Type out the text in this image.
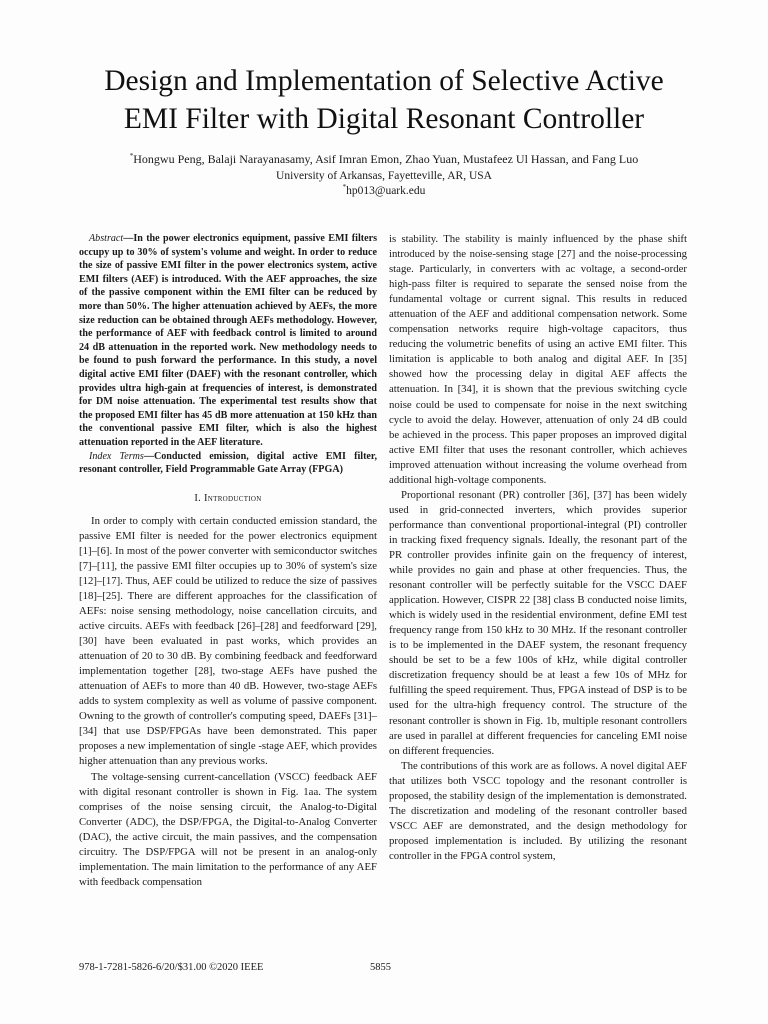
Design and Implementation of Selective Active
EMI Filter with Digital Resonant Controller
*Hongwu Peng, Balaji Narayanasamy, Asif Imran Emon, Zhao Yuan, Mustafeez Ul Hassan, and Fang Luo
University of Arkansas, Fayetteville, AR, USA
*hp013@uark.edu

Abstract—In the power electronics equipment, passive EMI filters occupy up to 30% of system's volume and weight. In order to reduce the size of passive EMI filter in the power electronics system, active EMI filters (AEF) is introduced. With the AEF approaches, the size of the passive component within the EMI filter can be reduced by more than 50%. The higher attenuation achieved by AEFs, the more size reduction can be obtained through AEFs methodology. However, the performance of AEF with feedback control is limited to around 24 dB attenuation in the reported work. New methodology needs to be found to push forward the performance. In this study, a novel digital active EMI filter (DAEF) with the resonant controller, which provides ultra high-gain at frequencies of interest, is demonstrated for DM noise attenuation. The experimental test results show that the proposed EMI filter has 45 dB more attenuation at 150 kHz than the conventional passive EMI filter, which is also the highest attenuation reported in the AEF literature.

Index Terms—Conducted emission, digital active EMI filter, resonant controller, Field Programmable Gate Array (FPGA)

I. Introduction

In order to comply with certain conducted emission standard, the passive EMI filter is needed for the power electronics equipment [1]–[6]. In most of the power converter with semiconductor switches [7]–[11], the passive EMI filter occupies up to 30% of system's size [12]–[17]. Thus, AEF could be utilized to reduce the size of passives [18]–[25]. There are different approaches for the classification of AEFs: noise sensing methodology, noise cancellation circuits, and active circuits. AEFs with feedback [26]–[28] and feedforward [29], [30] have been evaluated in past works, which provides an attenuation of 20 to 30 dB. By combining feedback and feedforward implementation together [28], two-stage AEFs have pushed the attenuation of AEFs to more than 40 dB. However, two-stage AEFs adds to system complexity as well as volume of passive component. Owning to the growth of controller's computing speed, DAEFs [31]–[34] that use DSP/FPGAs have been demonstrated. This paper proposes a new implementation of single -stage AEF, which provides higher attenuation than any previous works.

The voltage-sensing current-cancellation (VSCC) feedback AEF with digital resonant controller is shown in Fig. 1aa. The system comprises of the noise sensing circuit, the Analog-to-Digital Converter (ADC), the DSP/FPGA, the Digital-to-Analog Converter (DAC), the active circuit, the main passives, and the compensation circuitry. The DSP/FPGA will not be present in an analog-only implementation. The main limitation to the performance of any AEF with feedback compensation

is stability. The stability is mainly influenced by the phase shift introduced by the noise-sensing stage [27] and the noise-processing stage. Particularly, in converters with ac voltage, a second-order high-pass filter is required to separate the sensed noise from the fundamental voltage or current signal. This results in reduced attenuation of the AEF and additional compensation network. Some compensation networks require high-voltage capacitors, thus reducing the volumetric benefits of using an active EMI filter. This limitation is applicable to both analog and digital AEF. In [35] showed how the processing delay in digital AEF affects the attenuation. In [34], it is shown that the previous switching cycle noise could be used to compensate for noise in the next switching cycle to avoid the delay. However, attenuation of only 24 dB could be achieved in the process. This paper proposes an improved digital active EMI filter that uses the resonant controller, which achieves improved attenuation without increasing the volume overhead from additional high-voltage components.

Proportional resonant (PR) controller [36], [37] has been widely used in grid-connected inverters, which provides superior performance than conventional proportional-integral (PI) controller in tracking fixed frequency signals. Ideally, the resonant part of the PR controller provides infinite gain on the frequency of interest, while provides no gain and phase at other frequencies. Thus, the resonant controller will be perfectly suitable for the VSCC DAEF application. However, CISPR 22 [38] class B conducted noise limits, which is widely used in the residential environment, define EMI test frequency range from 150 kHz to 30 MHz. If the resonant controller is to be implemented in the DAEF system, the resonant frequency should be set to be a few 100s of kHz, while digital controller discretization frequency should be at least a few 10s of MHz for fulfilling the speed requirement. Thus, FPGA instead of DSP is to be used for the ultra-high frequency control. The structure of the resonant controller is shown in Fig. 1b, multiple resonant controllers are used in parallel at different frequencies for canceling EMI noise on different frequencies.

The contributions of this work are as follows. A novel digital AEF that utilizes both VSCC topology and the resonant controller is proposed, the stability design of the implementation is demonstrated. The discretization and modeling of the resonant controller based VSCC AEF are demonstrated, and the design methodology for proposed implementation is included. By utilizing the resonant controller in the FPGA control system,

978-1-7281-5826-6/20/$31.00 ©2020 IEEE	5855
